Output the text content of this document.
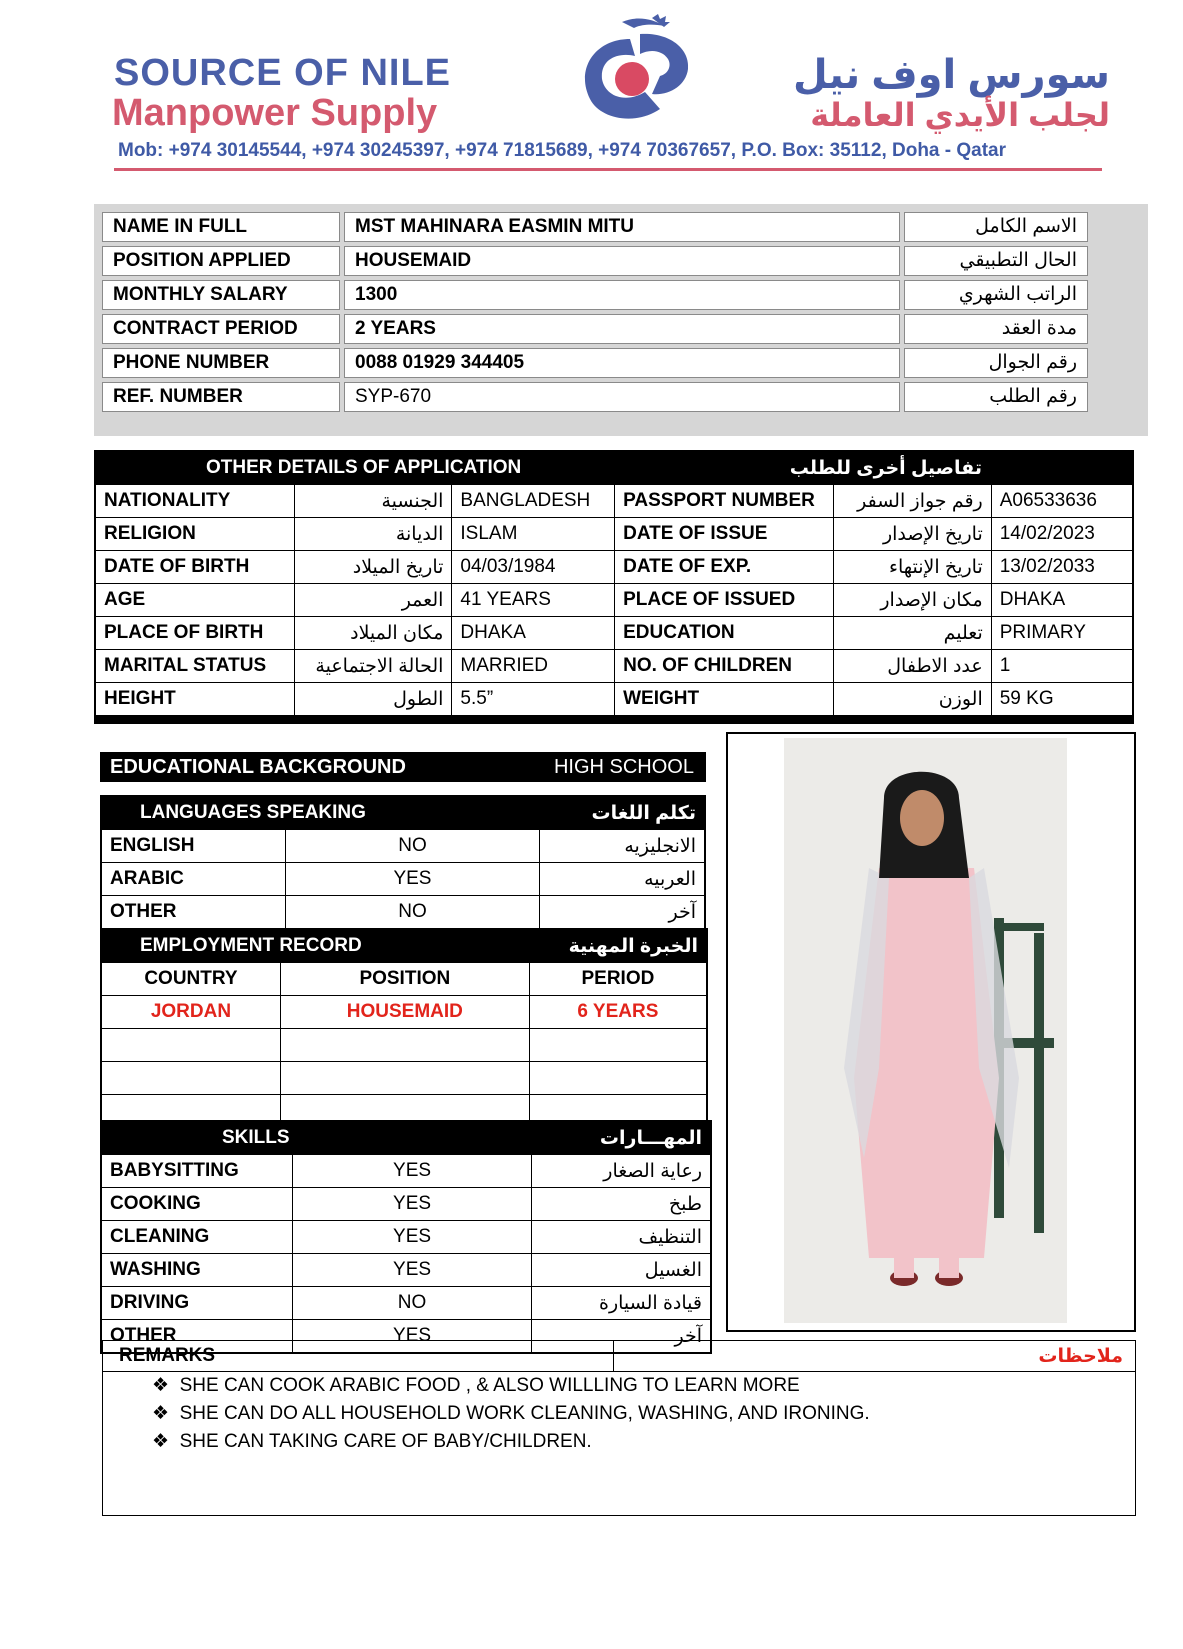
SOURCE OF NILE
Manpower Supply
سورس اوف نيل
لجلب الأيدي العاملة
Mob: +974 30145544, +974 30245397, +974 71815689, +974 70367657, P.O. Box: 35112, Doha - Qatar
NAME IN FULL	MST MAHINARA EASMIN MITU	الاسم الكامل
POSITION APPLIED	HOUSEMAID	الحال التطبيقي
MONTHLY SALARY	1300	الراتب الشهري
CONTRACT PERIOD	2 YEARS	مدة العقد
PHONE NUMBER	0088 01929 344405	رقم الجوال
REF. NUMBER	SYP-670	رقم الطلب
OTHER DETAILS OF APPLICATION			تفاصيل أخرى للطلب		
NATIONALITY	الجنسية	BANGLADESH	PASSPORT NUMBER	رقم جواز السفر	A06533636
RELIGION	الديانة	ISLAM	DATE OF ISSUE	تاريخ الإصدار	14/02/2023
DATE OF BIRTH	تاريخ الميلاد	04/03/1984	DATE OF EXP.	تاريخ الإنتهاء	13/02/2033
AGE	العمر	41 YEARS	PLACE OF ISSUED	مكان الإصدار	DHAKA
PLACE OF BIRTH	مكان الميلاد	DHAKA	EDUCATION	تعليم	PRIMARY
MARITAL STATUS	الحالة الاجتماعية	MARRIED	NO. OF CHILDREN	عدد الاطفال	1
HEIGHT	الطول	5.5”	WEIGHT	الوزن	59 KG
EDUCATIONAL BACKGROUND	HIGH SCHOOL
LANGUAGES SPEAKING		تكلم اللغات
ENGLISH	NO	الانجليزيه
ARABIC	YES	العربيه
OTHER	NO	آخر
EMPLOYMENT RECORD		الخبرة المهنية
COUNTRY	POSITION	PERIOD
JORDAN	HOUSEMAID	6 YEARS

SKILLS		المهـــارات
BABYSITTING	YES	رعاية الصغار
COOKING	YES	طبخ
CLEANING	YES	التنظيف
WASHING	YES	الغسيل
DRIVING	NO	قيادة السيارة
OTHER	YES	آخر
REMARKS	ملاحظات
❖ SHE CAN COOK ARABIC FOOD , & ALSO WILLLING TO LEARN MORE
❖ SHE CAN DO ALL HOUSEHOLD WORK CLEANING, WASHING, AND IRONING.
❖ SHE CAN TAKING CARE OF BABY/CHILDREN.
